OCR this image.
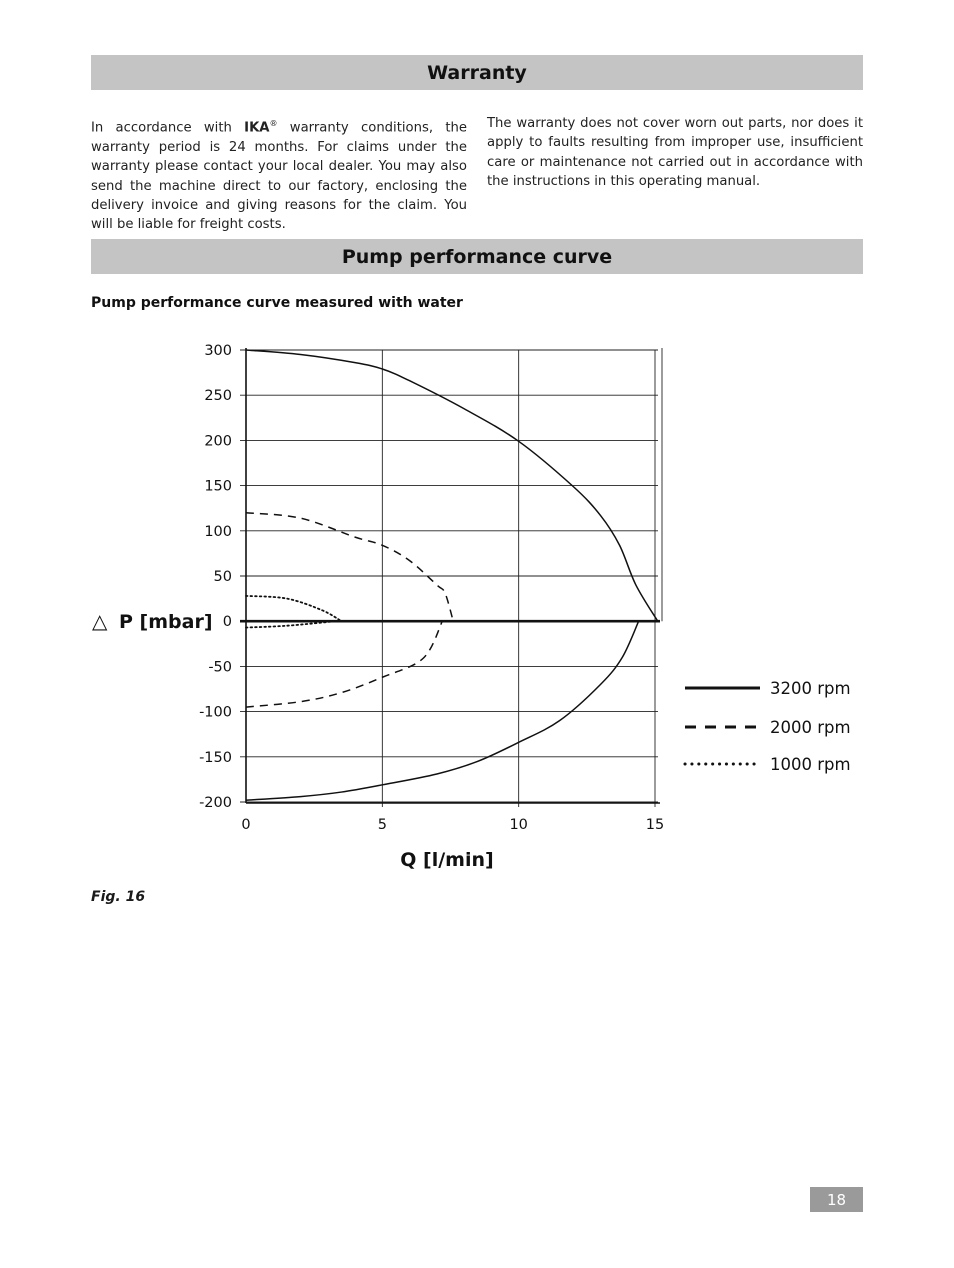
Warranty
In accordance with IKA® warranty conditions, the warranty period is 24 months. For claims under the warranty please contact your local dealer. You may also send the machine direct to our factory, enclosing the delivery invoice and giving reasons for the claim. You will be liable for freight costs.
The warranty does not cover worn out parts, nor does it apply to faults resulting from improper use, insufficient care or maintenance not carried out in accordance with the instructions in this operating manual.
Pump performance curve
Pump performance curve measured with water
300
250
200
150
100
50
0
-50
-100
-150
-200
0	5	10	15
△ P [mbar]
Q [l/min]
3200 rpm
2000 rpm
1000 rpm
Fig. 16
18
